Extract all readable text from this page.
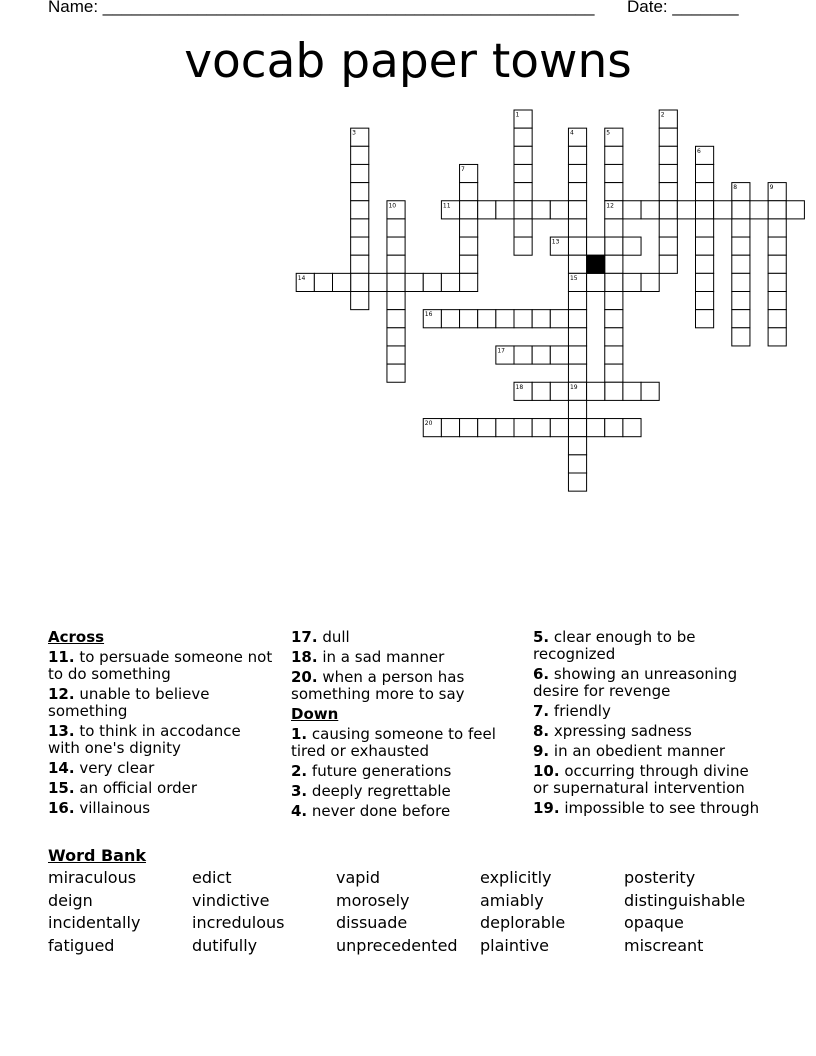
Name: ____________________________________________________ Date: _______
vocab paper towns
1	2
3	4	5
6
7
8	9
10	11	12
13
14	15
16
17
18	19
20
Across
11. to persuade someone not to do something
12. unable to believe something
13. to think in accodance with one's dignity
14. very clear
15. an official order
16. villainous
17. dull
18. in a sad manner
20. when a person has something more to say
Down
1. causing someone to feel tired or exhausted
2. future generations
3. deeply regrettable
4. never done before
5. clear enough to be recognized
6. showing an unreasoning desire for revenge
7. friendly
8. xpressing sadness
9. in an obedient manner
10. occurring through divine or supernatural intervention
19. impossible to see through
Word Bank
miraculous	edict	vapid	explicitly	posterity
deign	vindictive	morosely	amiably	distinguishable
incidentally	incredulous	dissuade	deplorable	opaque
fatigued	dutifully	unprecedented	plaintive	miscreant
